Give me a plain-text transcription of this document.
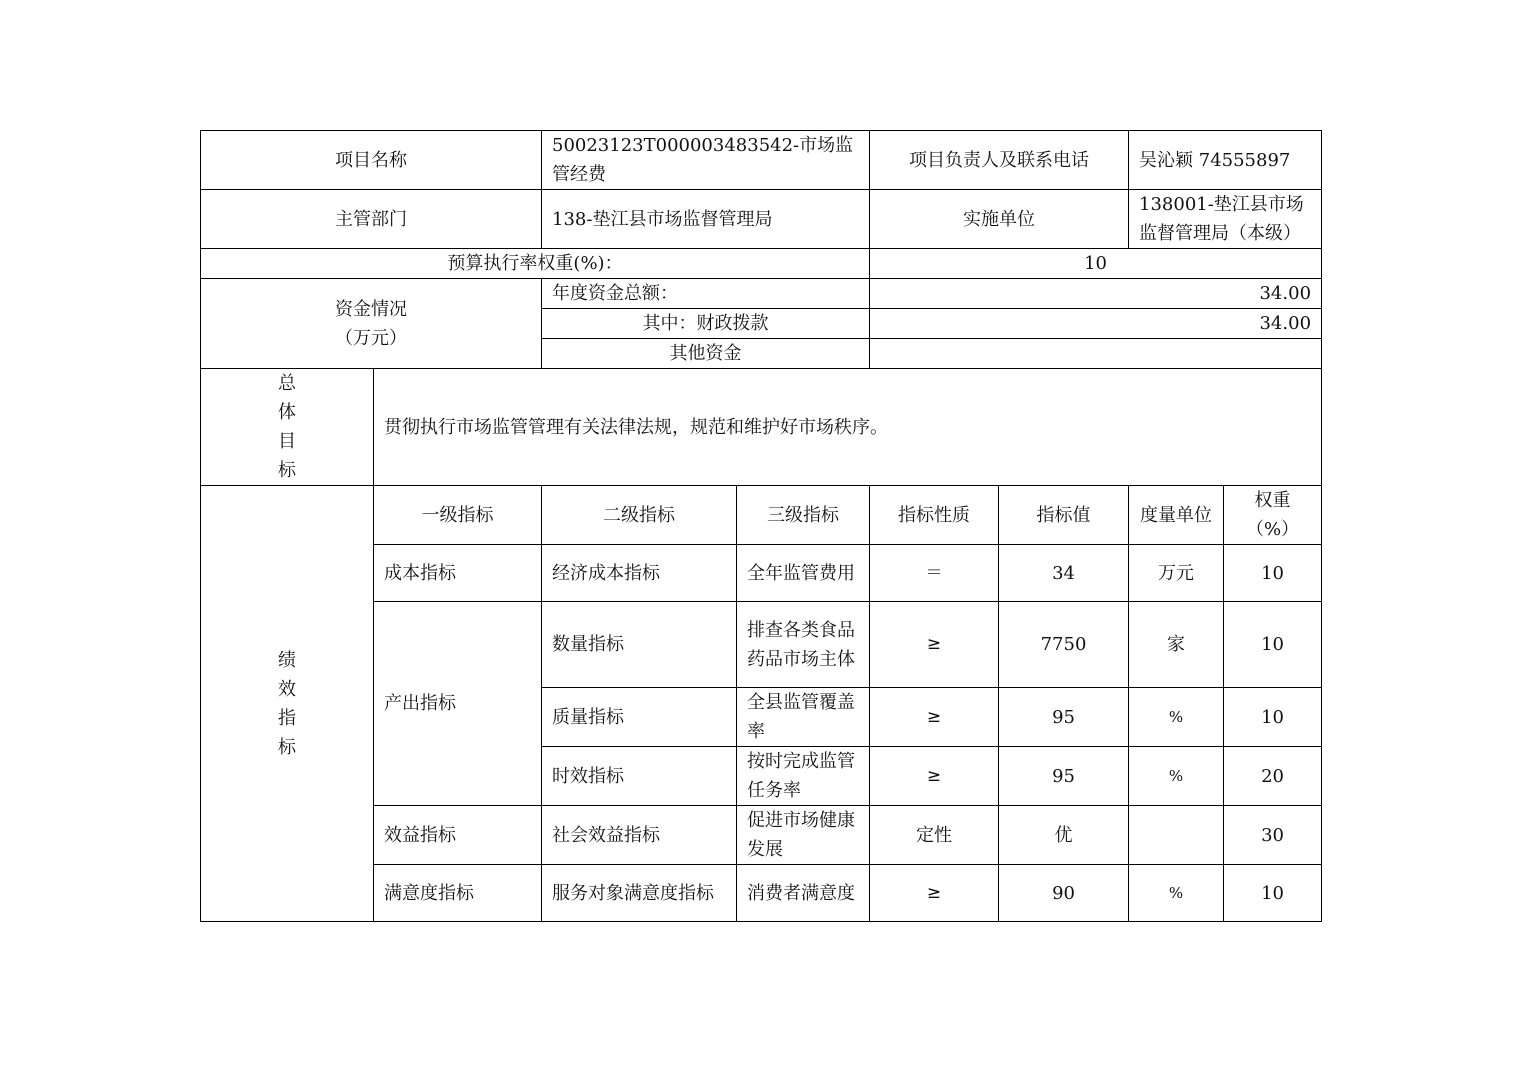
项目名称		50023123T000003483542-市场监管经费		项目负责人及联系电话		吴沁颖 74555897	
主管部门		138-垫江县市场监督管理局		实施单位		138001-垫江县市场监督管理局（本级）	
预算执行率权重(%)：				10			
资金情况
（万元）		年度资金总额：		34.00			
		其中：财政拨款		34.00			
		其他资金					

总
体
目
标	贯彻执行市场监管管理有关法律法规，规范和维护好市场秩序。						

绩
效
指
标	一级指标	二级指标	三级指标	指标性质	指标值	度量单位	权重（%）
	成本指标	经济成本指标	全年监管费用	＝	34	万元	10
	产出指标	数量指标	排查各类食品药品市场主体	≥	7750	家	10
		质量指标	全县监管覆盖率	≥	95	%	10
		时效指标	按时完成监管任务率	≥	95	%	20
	效益指标	社会效益指标	促进市场健康发展	定性	优		30
	满意度指标	服务对象满意度指标	消费者满意度	≥	90	%	10
